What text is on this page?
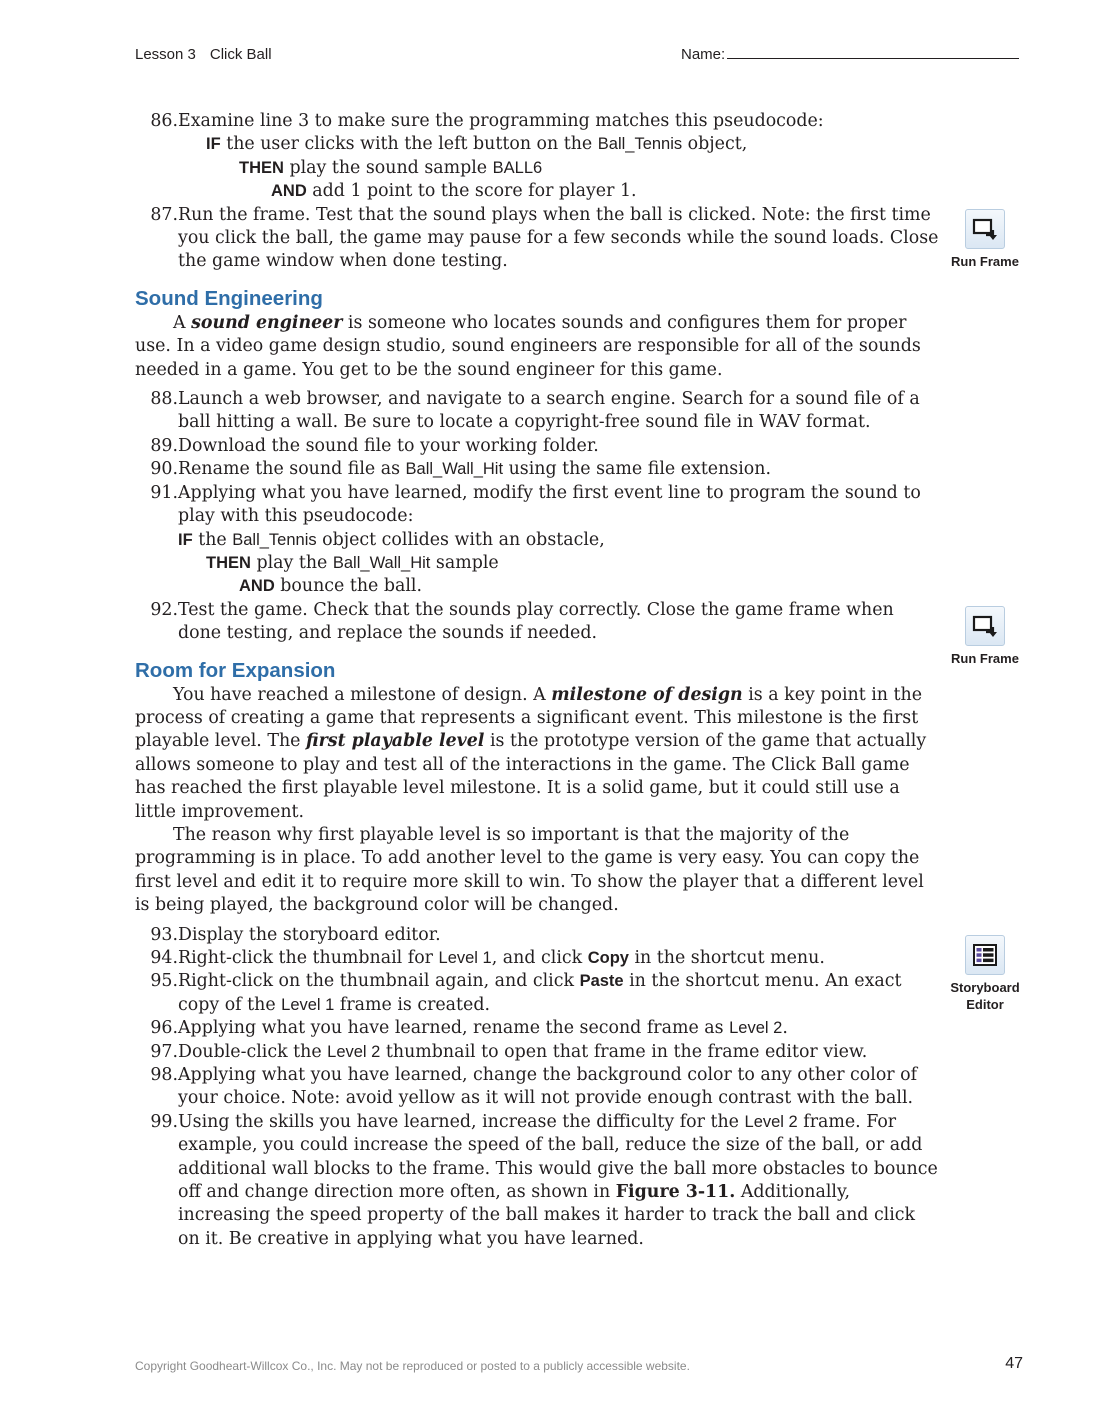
Lesson 3 Click Ball	Name:
86. Examine line 3 to make sure the programming matches this pseudocode:

IF the user clicks with the left button on the Ball_Tennis object,

THEN play the sound sample BALL6

AND add 1 point to the score for player 1.

87. Run the frame. Test that the sound plays when the ball is clicked. Note: the first time you click the ball, the game may pause for a few seconds while the sound loads. Close the game window when done testing.
Sound Engineering

A sound engineer is someone who locates sounds and configures them for proper use. In a video game design studio, sound engineers are responsible for all of the sounds needed in a game. You get to be the sound engineer for this game.

88. Launch a web browser, and navigate to a search engine. Search for a sound file of a ball hitting a wall. Be sure to locate a copyright-free sound file in WAV format.
89. Download the sound file to your working folder.
90. Rename the sound file as Ball_Wall_Hit using the same file extension.
91. Applying what you have learned, modify the first event line to program the sound to play with this pseudocode:

IF the Ball_Tennis object collides with an obstacle,

THEN play the Ball_Wall_Hit sample

AND bounce the ball.

92. Test the game. Check that the sounds play correctly. Close the game frame when done testing, and replace the sounds if needed.
Room for Expansion

You have reached a milestone of design. A milestone of design is a key point in the process of creating a game that represents a significant event. This milestone is the first playable level. The first playable level is the prototype version of the game that actually allows someone to play and test all of the interactions in the game. The Click Ball game has reached the first playable level milestone. It is a solid game, but it could still use a little improvement.

The reason why first playable level is so important is that the majority of the programming is in place. To add another level to the game is very easy. You can copy the first level and edit it to require more skill to win. To show the player that a different level is being played, the background color will be changed.

93. Display the storyboard editor.
94. Right-click the thumbnail for Level 1, and click Copy in the shortcut menu.
95. Right-click on the thumbnail again, and click Paste in the shortcut menu. An exact copy of the Level 1 frame is created.
96. Applying what you have learned, rename the second frame as Level 2.
97. Double-click the Level 2 thumbnail to open that frame in the frame editor view.
98. Applying what you have learned, change the background color to any other color of your choice. Note: avoid yellow as it will not provide enough contrast with the ball.
99. Using the skills you have learned, increase the difficulty for the Level 2 frame. For example, you could increase the speed of the ball, reduce the size of the ball, or add additional wall blocks to the frame. This would give the ball more obstacles to bounce off and change direction more often, as shown in Figure 3-11. Additionally, increasing the speed property of the ball makes it harder to track the ball and click on it. Be creative in applying what you have learned.
Run Frame
Run Frame
Storyboard
Editor
Copyright Goodheart-Willcox Co., Inc. May not be reproduced or posted to a publicly accessible website.	47
